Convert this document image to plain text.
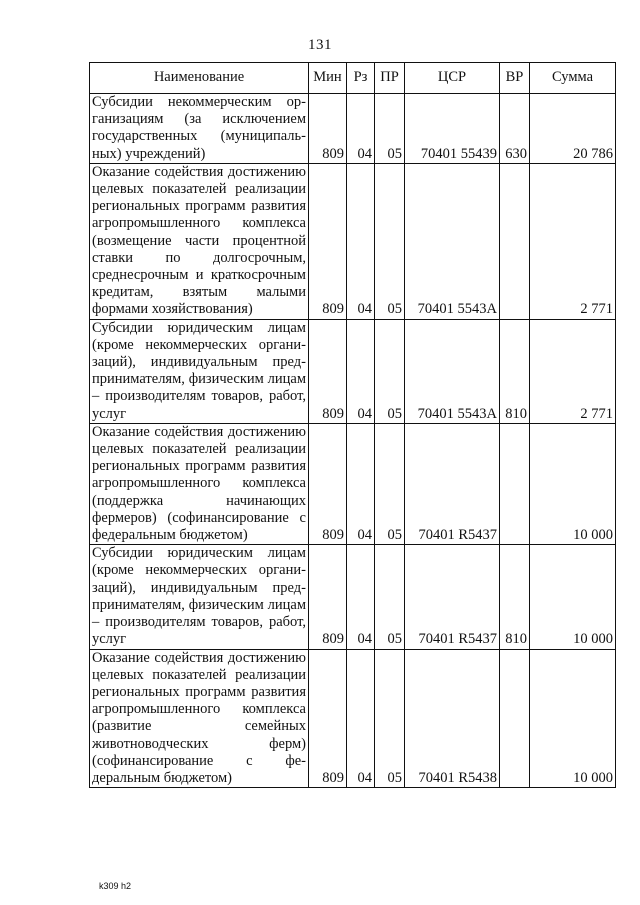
131
Наименование	Мин	Рз	ПР	ЦСР	ВР	Сумма
Субсидии некоммерческим организациям (за исключением государственных (муниципальных) учреждений)	809	04	05	70401 55439	630	20 786
Оказание содействия достижению целевых показателей реализации региональных программ развития агропромышленного комплекса (возмещение части процентной ставки по долгосрочным, среднесрочным и краткосрочным кредитам, взятым малыми формами хозяйствования)	809	04	05	70401 5543А		2 771
Субсидии юридическим лицам (кроме некоммерческих организаций), индивидуальным предпринимателям, физическим лицам – производителям товаров, работ, услуг	809	04	05	70401 5543А	810	2 771
Оказание содействия достижению целевых показателей реализации региональных программ развития агропромышленного комплекса (поддержка начинающих фермеров) (софинансирование с федеральным бюджетом)	809	04	05	70401 R5437		10 000
Субсидии юридическим лицам (кроме некоммерческих организаций), индивидуальным предпринимателям, физическим лицам – производителям товаров, работ, услуг	809	04	05	70401 R5437	810	10 000
Оказание содействия достижению целевых показателей реализации региональных программ развития агропромышленного комплекса (развитие семейных животноводческих ферм) (софинансирование с федеральным бюджетом)	809	04	05	70401 R5438		10 000
k309 h2
